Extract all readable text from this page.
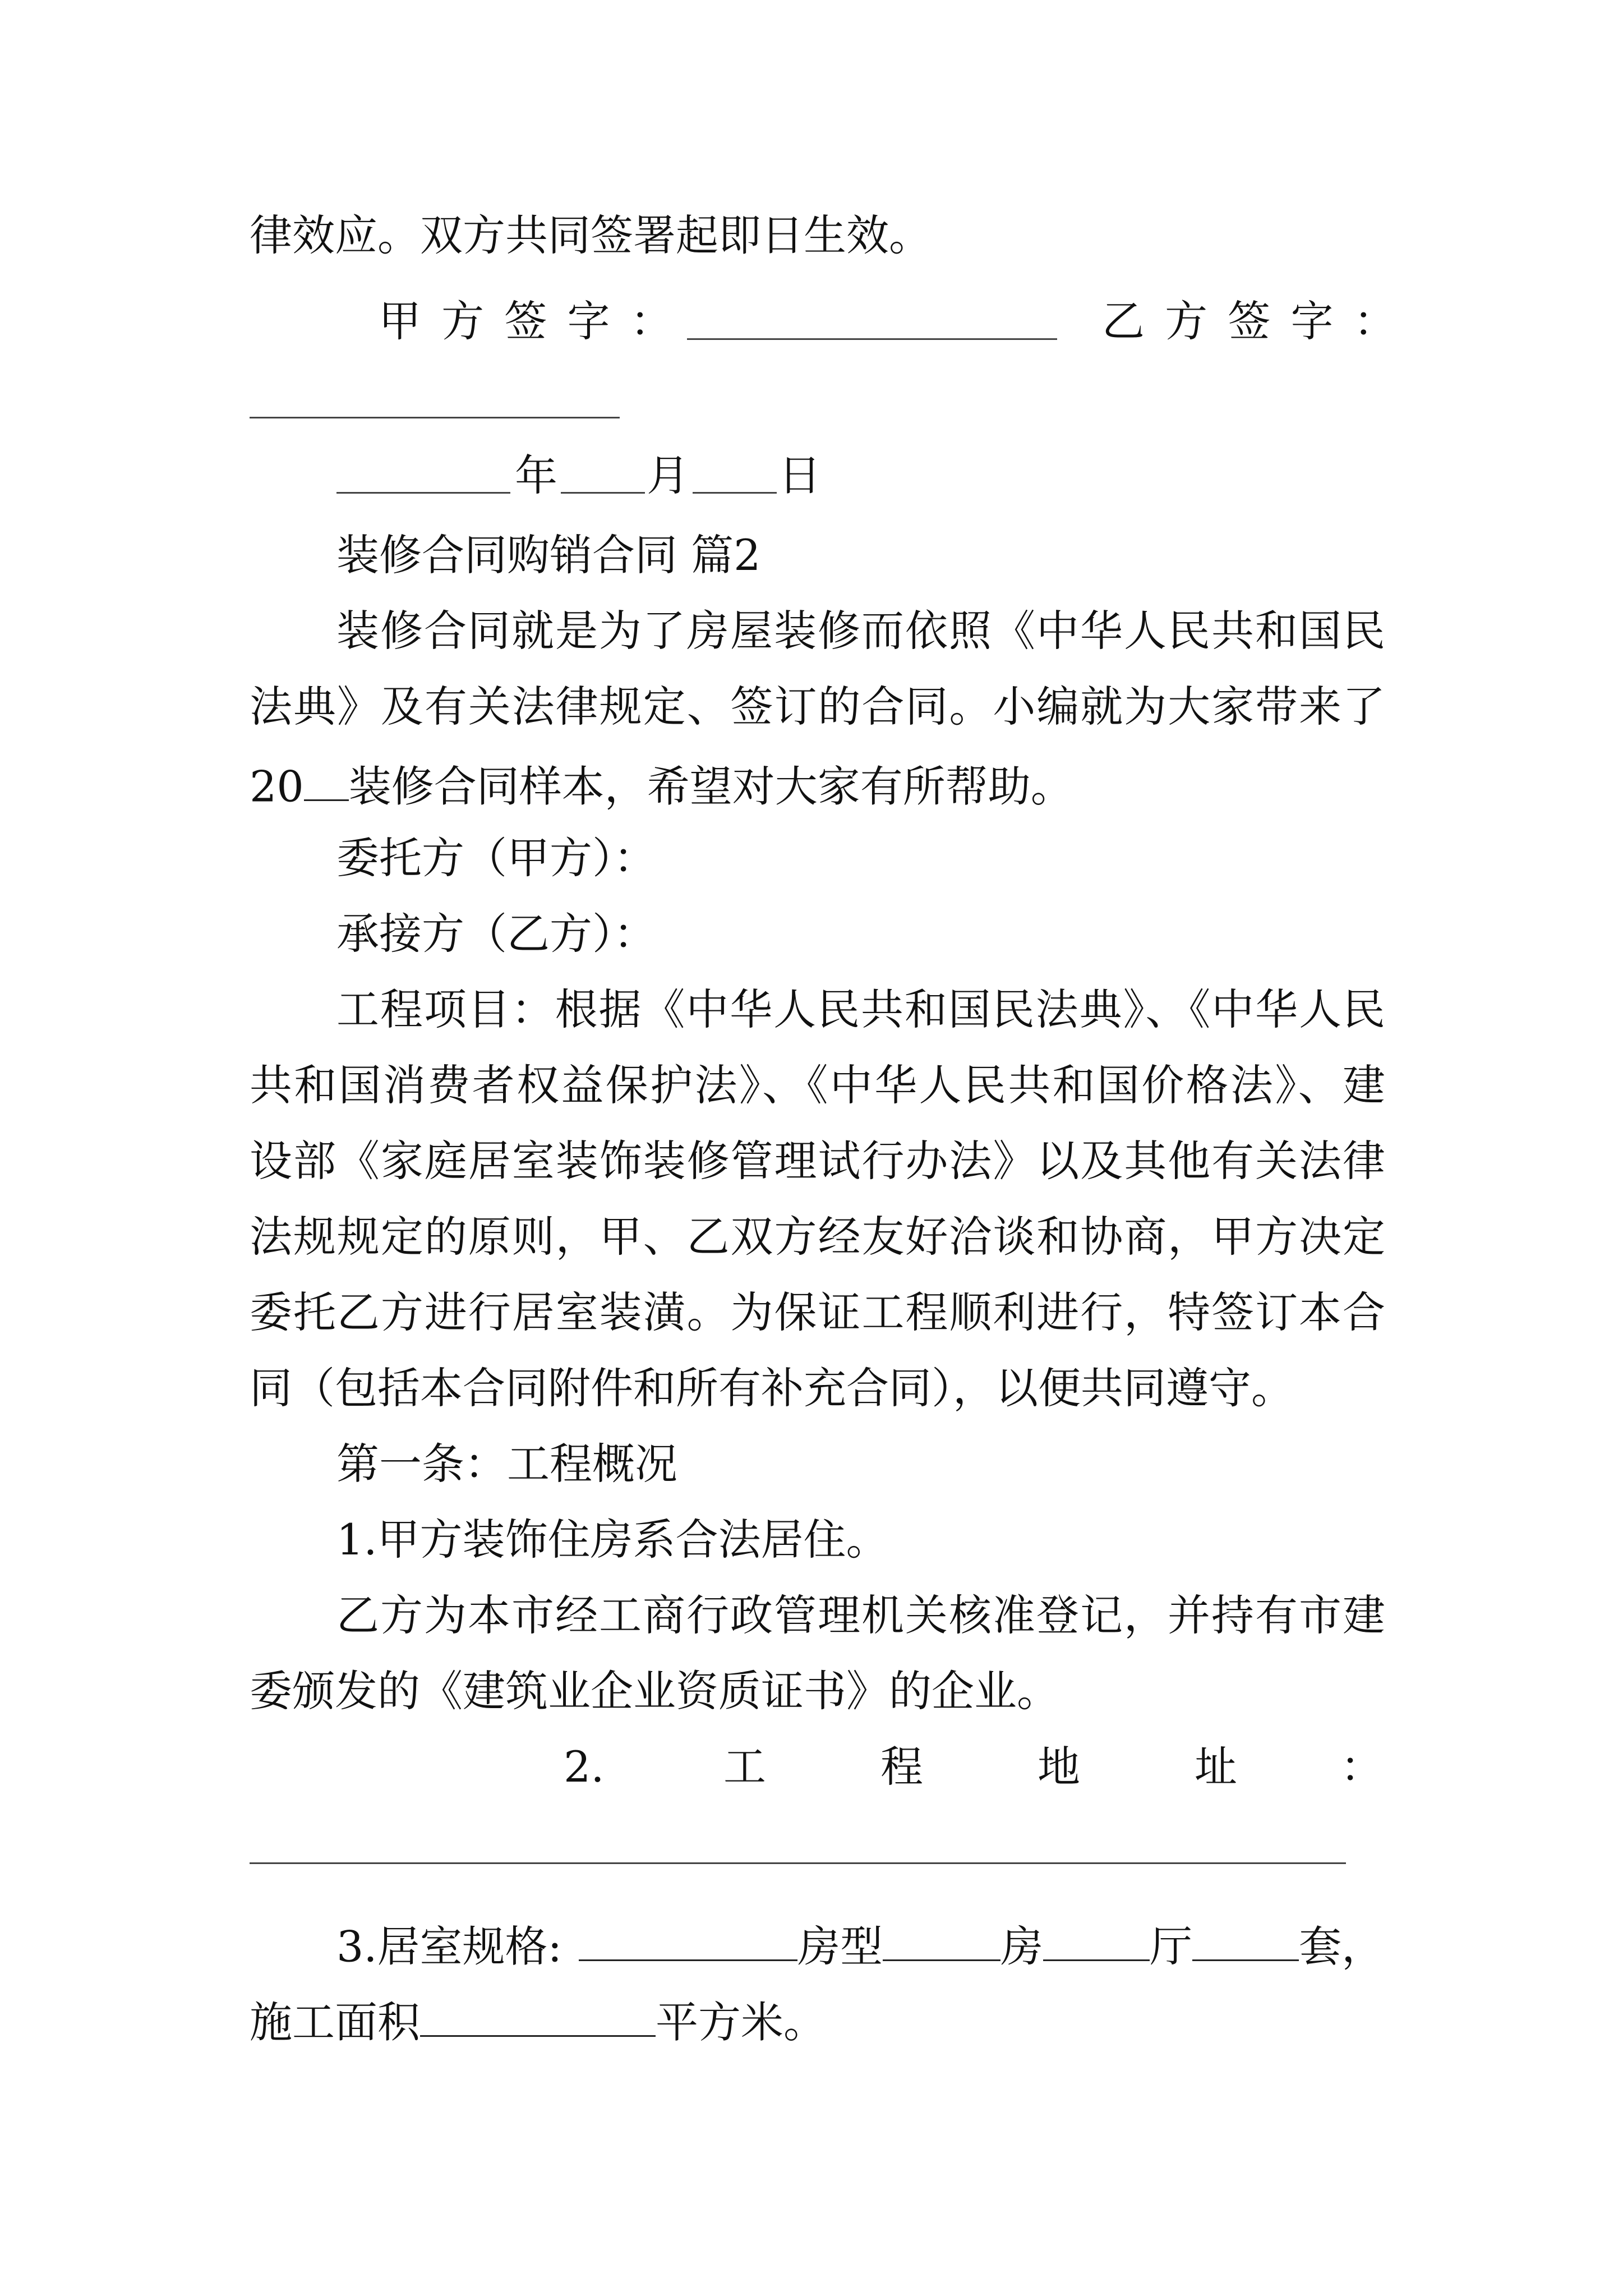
律效应。双方共同签署起即日生效。
甲 方 签 字 ：	乙 方 签 字 ：
年 月 日
装修合同购销合同 篇2
装修合同就是为了房屋装修而依照《中华人民共和国民
法典》及有关法律规定、签订的合同。小编就为大家带来了
20 装修合同样本，希望对大家有所帮助。
委托方（甲方）：
承接方（乙方）：
工程项目：根据《中华人民共和国民法典》、《中华人民
共和国消费者权益保护法》、《中华人民共和国价格法》、建
设部《家庭居室装饰装修管理试行办法》以及其他有关法律
法规规定的原则，甲、乙双方经友好洽谈和协商，甲方决定
委托乙方进行居室装潢。为保证工程顺利进行，特签订本合
同（包括本合同附件和所有补充合同），以便共同遵守。
第一条：工程概况
1.甲方装饰住房系合法居住。
乙方为本市经工商行政管理机关核准登记，并持有市建
委颁发的《建筑业企业资质证书》的企业。
2.	工	程	地	址 ：
3.居室规格:	房型	房	厅	套，
施工面积	平方米。
